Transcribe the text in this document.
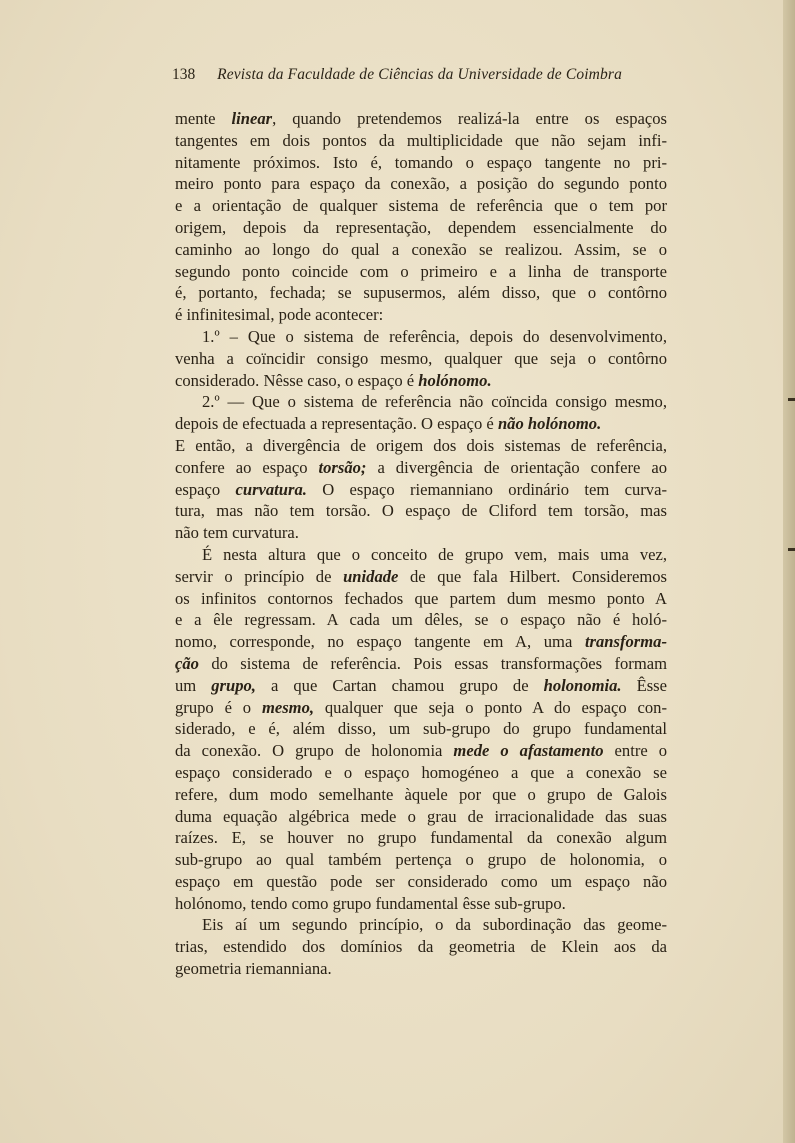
138 Revista da Faculdade de Ciências da Universidade de Coimbra
mente linear, quando pretendemos realizá-la entre os espaços
tangentes em dois pontos da multiplicidade que não sejam infi-
nitamente próximos. Isto é, tomando o espaço tangente no pri-
meiro ponto para espaço da conexão, a posição do segundo ponto
e a orientação de qualquer sistema de referência que o tem por
origem, depois da representação, dependem essencialmente do
caminho ao longo do qual a conexão se realizou. Assim, se o
segundo ponto coincide com o primeiro e a linha de transporte
é, portanto, fechada; se supusermos, além disso, que o contôrno
é infinitesimal, pode acontecer:
1.º – Que o sistema de referência, depois do desenvolvimento,
venha a coïncidir consigo mesmo, qualquer que seja o contôrno
considerado. Nêsse caso, o espaço é holónomo.
2.º — Que o sistema de referência não coïncida consigo mesmo,
depois de efectuada a representação. O espaço é não holónomo.
E então, a divergência de origem dos dois sistemas de referência,
confere ao espaço torsão; a divergência de orientação confere ao
espaço curvatura. O espaço riemanniano ordinário tem curva-
tura, mas não tem torsão. O espaço de Cliford tem torsão, mas
não tem curvatura.
É nesta altura que o conceito de grupo vem, mais uma vez,
servir o princípio de unidade de que fala Hilbert. Consideremos
os infinitos contornos fechados que partem dum mesmo ponto A
e a êle regressam. A cada um dêles, se o espaço não é holó-
nomo, corresponde, no espaço tangente em A, uma transforma-
ção do sistema de referência. Pois essas transformações formam
um grupo, a que Cartan chamou grupo de holonomia. Êsse
grupo é o mesmo, qualquer que seja o ponto A do espaço con-
siderado, e é, além disso, um sub-grupo do grupo fundamental
da conexão. O grupo de holonomia mede o afastamento entre o
espaço considerado e o espaço homogéneo a que a conexão se
refere, dum modo semelhante àquele por que o grupo de Galois
duma equação algébrica mede o grau de irracionalidade das suas
raízes. E, se houver no grupo fundamental da conexão algum
sub-grupo ao qual também pertença o grupo de holonomia, o
espaço em questão pode ser considerado como um espaço não
holónomo, tendo como grupo fundamental êsse sub-grupo.
Eis aí um segundo princípio, o da subordinação das geome-
trias, estendido dos domínios da geometria de Klein aos da
geometria riemanniana.
